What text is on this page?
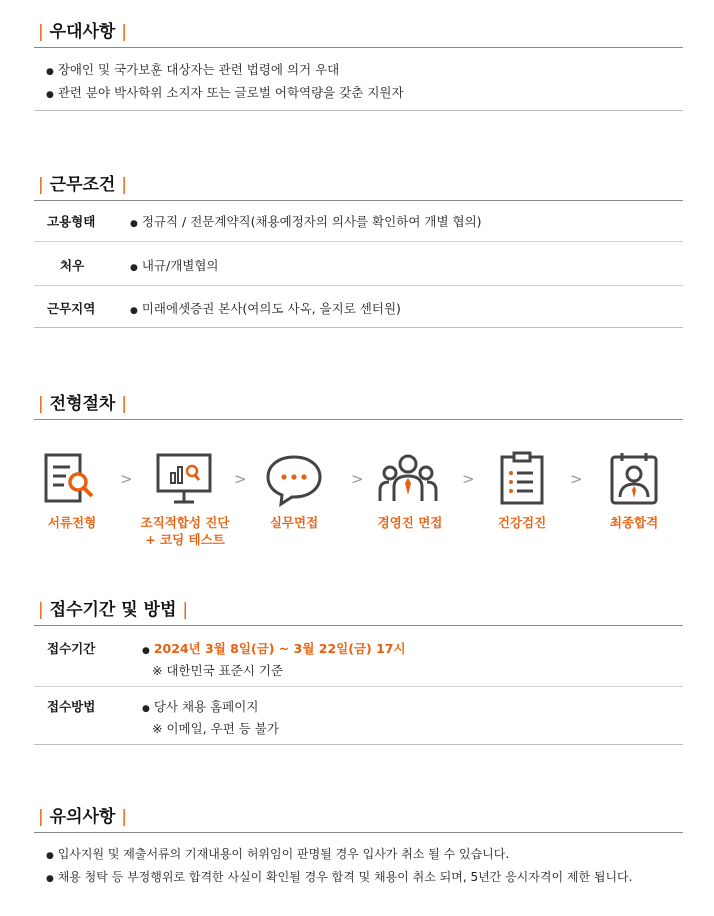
| 우대사항 |
● 장애인 및 국가보훈 대상자는 관련 법령에 의거 우대
● 관련 분야 박사학위 소지자 또는 글로벌 어학역량을 갖춘 지원자
| 근무조건 |
고용형태	● 정규직 / 전문계약직(채용예정자의 의사를 확인하여 개별 협의)
처우	● 내규/개별협의
근무지역	● 미래에셋증권 본사(여의도 사옥, 을지로 센터원)
| 전형절차 |
>	>	>	>	>
서류전형	조직적합성 진단
+ 코딩 테스트
실무면접	경영진 면접	건강검진	최종합격
| 접수기간 및 방법 |
접수기간	● 2024년 3월 8일(금) ~ 3월 22일(금) 17시
※ 대한민국 표준시 기준
접수방법	● 당사 채용 홈페이지
※ 이메일, 우편 등 불가
| 유의사항 |
● 입사지원 및 제출서류의 기재내용이 허위임이 판명될 경우 입사가 취소 될 수 있습니다.
● 채용 청탁 등 부정행위로 합격한 사실이 확인될 경우 합격 및 채용이 취소 되며, 5년간 응시자격이 제한 됩니다.
